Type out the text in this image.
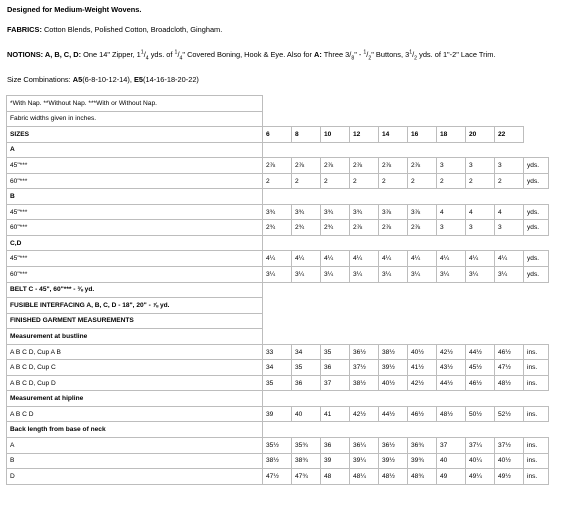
Designed for Medium-Weight Wovens.
FABRICS: Cotton Blends, Polished Cotton, Broadcloth, Gingham.
NOTIONS: A, B, C, D: One 14" Zipper, $1^1/_4$ yds. of $^1/_4$" Covered Boning, Hook & Eye. Also for A: Three $3/_8$" - $^1/_2$" Buttons, $3^1/_2$ yds. of 1"-2" Lace Trim.
Size Combinations: A5(6-8-10-12-14), E5(14-16-18-20-22)
*With Nap. **Without Nap. ***With or Without Nap.										
Fabric widths given in inches.										
SIZES	6	8	10	12	14	16	18	20	22	
A										
45"***	2⅞	2⅞	2⅞	2⅞	2⅞	2⅞	3	3	3	yds.
60"***	2	2	2	2	2	2	2	2	2	yds.
B										
45"***	3¾	3¾	3¾	3¾	3⅞	3⅞	4	4	4	yds.
60"***	2¾	2¾	2¾	2⅞	2⅞	2⅞	3	3	3	yds.
C,D										
45"***	4¼	4¼	4¼	4¼	4¼	4¼	4¼	4¼	4¼	yds.
60"***	3¼	3¼	3¼	3¼	3¼	3¼	3¼	3¼	3¼	yds.
BELT C - 45", 60"*** - ⅜ yd.										
FUSIBLE INTERFACING A, B, C, D - 18", 20" - ⅞ yd.										
FINISHED GARMENT MEASUREMENTS										
Measurement at bustline										
A B C D, Cup A B	33	34	35	36½	38½	40½	42½	44½	46½	ins.
A B C D, Cup C	34	35	36	37½	39½	41½	43½	45½	47½	ins.
A B C D, Cup D	35	36	37	38½	40½	42½	44½	46½	48½	ins.
Measurement at hipline										
A B C D	39	40	41	42½	44½	46½	48½	50½	52½	ins.
Back length from base of neck										
A	35½	35¾	36	36¼	36½	36¾	37	37¼	37½	ins.
B	38½	38¾	39	39¼	39½	39¾	40	40¼	40½	ins.
D	47½	47¾	48	48¼	48½	48¾	49	49¼	49½	ins.
